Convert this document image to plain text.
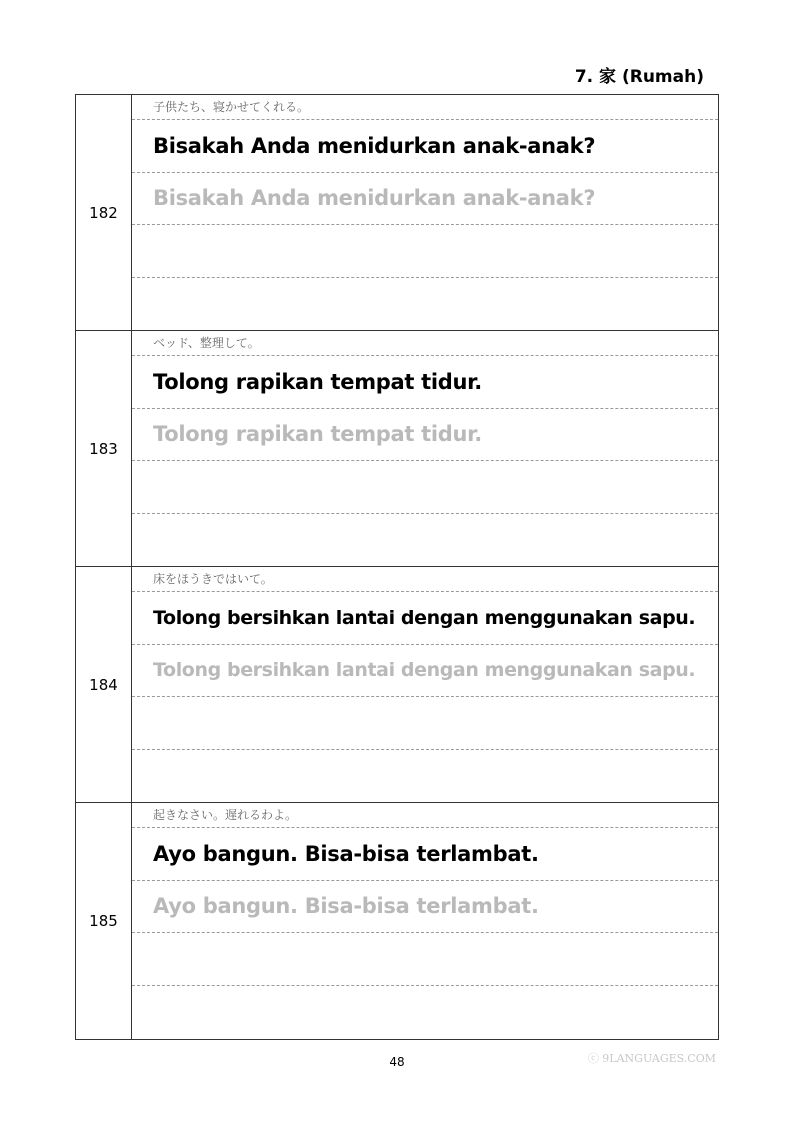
7. 家 (Rumah)
182
子供たち、寝かせてくれる。
Bisakah Anda menidurkan anak-anak?
Bisakah Anda menidurkan anak-anak?
183
ベッド、整理して。
Tolong rapikan tempat tidur.
Tolong rapikan tempat tidur.
184
床をほうきではいて。
Tolong bersihkan lantai dengan menggunakan sapu.
Tolong bersihkan lantai dengan menggunakan sapu.
185
起きなさい。遅れるわよ。
Ayo bangun. Bisa-bisa terlambat.
Ayo bangun. Bisa-bisa terlambat.
48	ⓒ 9LANGUAGES.COM
